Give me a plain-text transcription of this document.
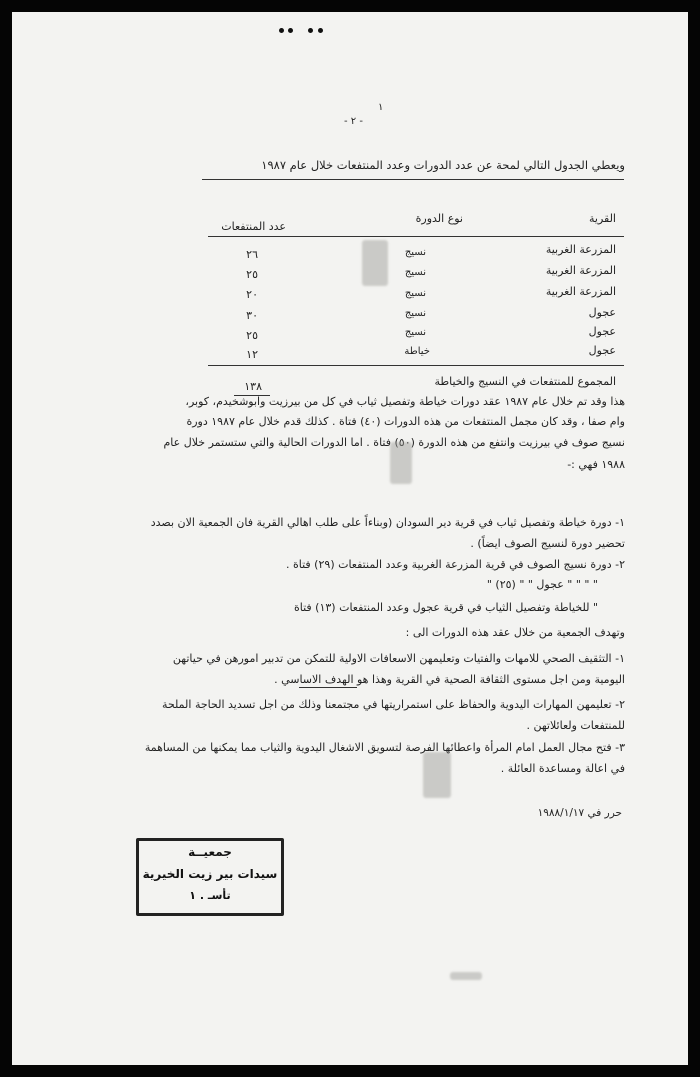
١
- ٢ -
ويعطي الجدول التالي لمحة عن عدد الدورات وعدد المنتفعات خلال عام ١٩٨٧
القرية
نوع الدورة
عدد المنتفعات
المزرعة الغربية
نسيج
٢٦
المزرعة الغربية
نسيج
٢٥
المزرعة الغربية
نسيج
٢٠
عجول
نسيج
٣٠
عجول
نسيج
٢٥
عجول
خياطة
١٢
المجموع للمنتفعات في النسيج والخياطة
١٣٨
هذا وقد تم خلال عام ١٩٨٧ عقد دورات خياطة وتفصيل ثياب في كل من بيرزيت وابوشخيدم، كوبر،
وام صفا ، وقد كان مجمل المنتفعات من هذه الدورات (٤٠) فتاة . كذلك قدم خلال عام ١٩٨٧ دورة
نسيج صوف في بيرزيت وانتفع من هذه الدورة (٥٠) فتاة . اما الدورات الحالية والتي ستستمر خلال عام
١٩٨٨ فهي :-
١- دورة خياطة وتفصيل ثياب في قرية دير السودان (وبناءاً على طلب اهالي القرية فان الجمعية الان بصدد
تحضير دورة لنسيج الصوف ايضاً) .
٢- دورة نسيج الصوف في قرية المزرعة الغربية وعدد المنتفعات (٢٩) فتاة .
" " " " عجول " " (٢٥) "
" للخياطة وتفصيل الثياب في قرية عجول وعدد المنتفعات (١٣) فتاة
وتهدف الجمعية من خلال عقد هذه الدورات الى :
١- التثقيف الصحي للامهات والفتيات وتعليمهن الاسعافات الاولية للتمكن من تدبير امورهن في حياتهن
اليومية ومن اجل مستوى الثقافة الصحية في القرية وهذا هو الهدف الاساسي .
٢- تعليمهن المهارات اليدوية والحفاظ على استمراريتها في مجتمعنا وذلك من اجل تسديد الحاجة الملحة
للمنتفعات ولعائلاتهن .
٣- فتح مجال العمل امام المرأة واعطائها الفرصة لتسويق الاشغال اليدوية والثياب مما يمكنها من المساهمة
في اعالة ومساعدة العائلة .
حرر في ١٩٨٨/١/١٧
جمعيــة
سيدات بير زيت الخيرية
تأسـ . ١
